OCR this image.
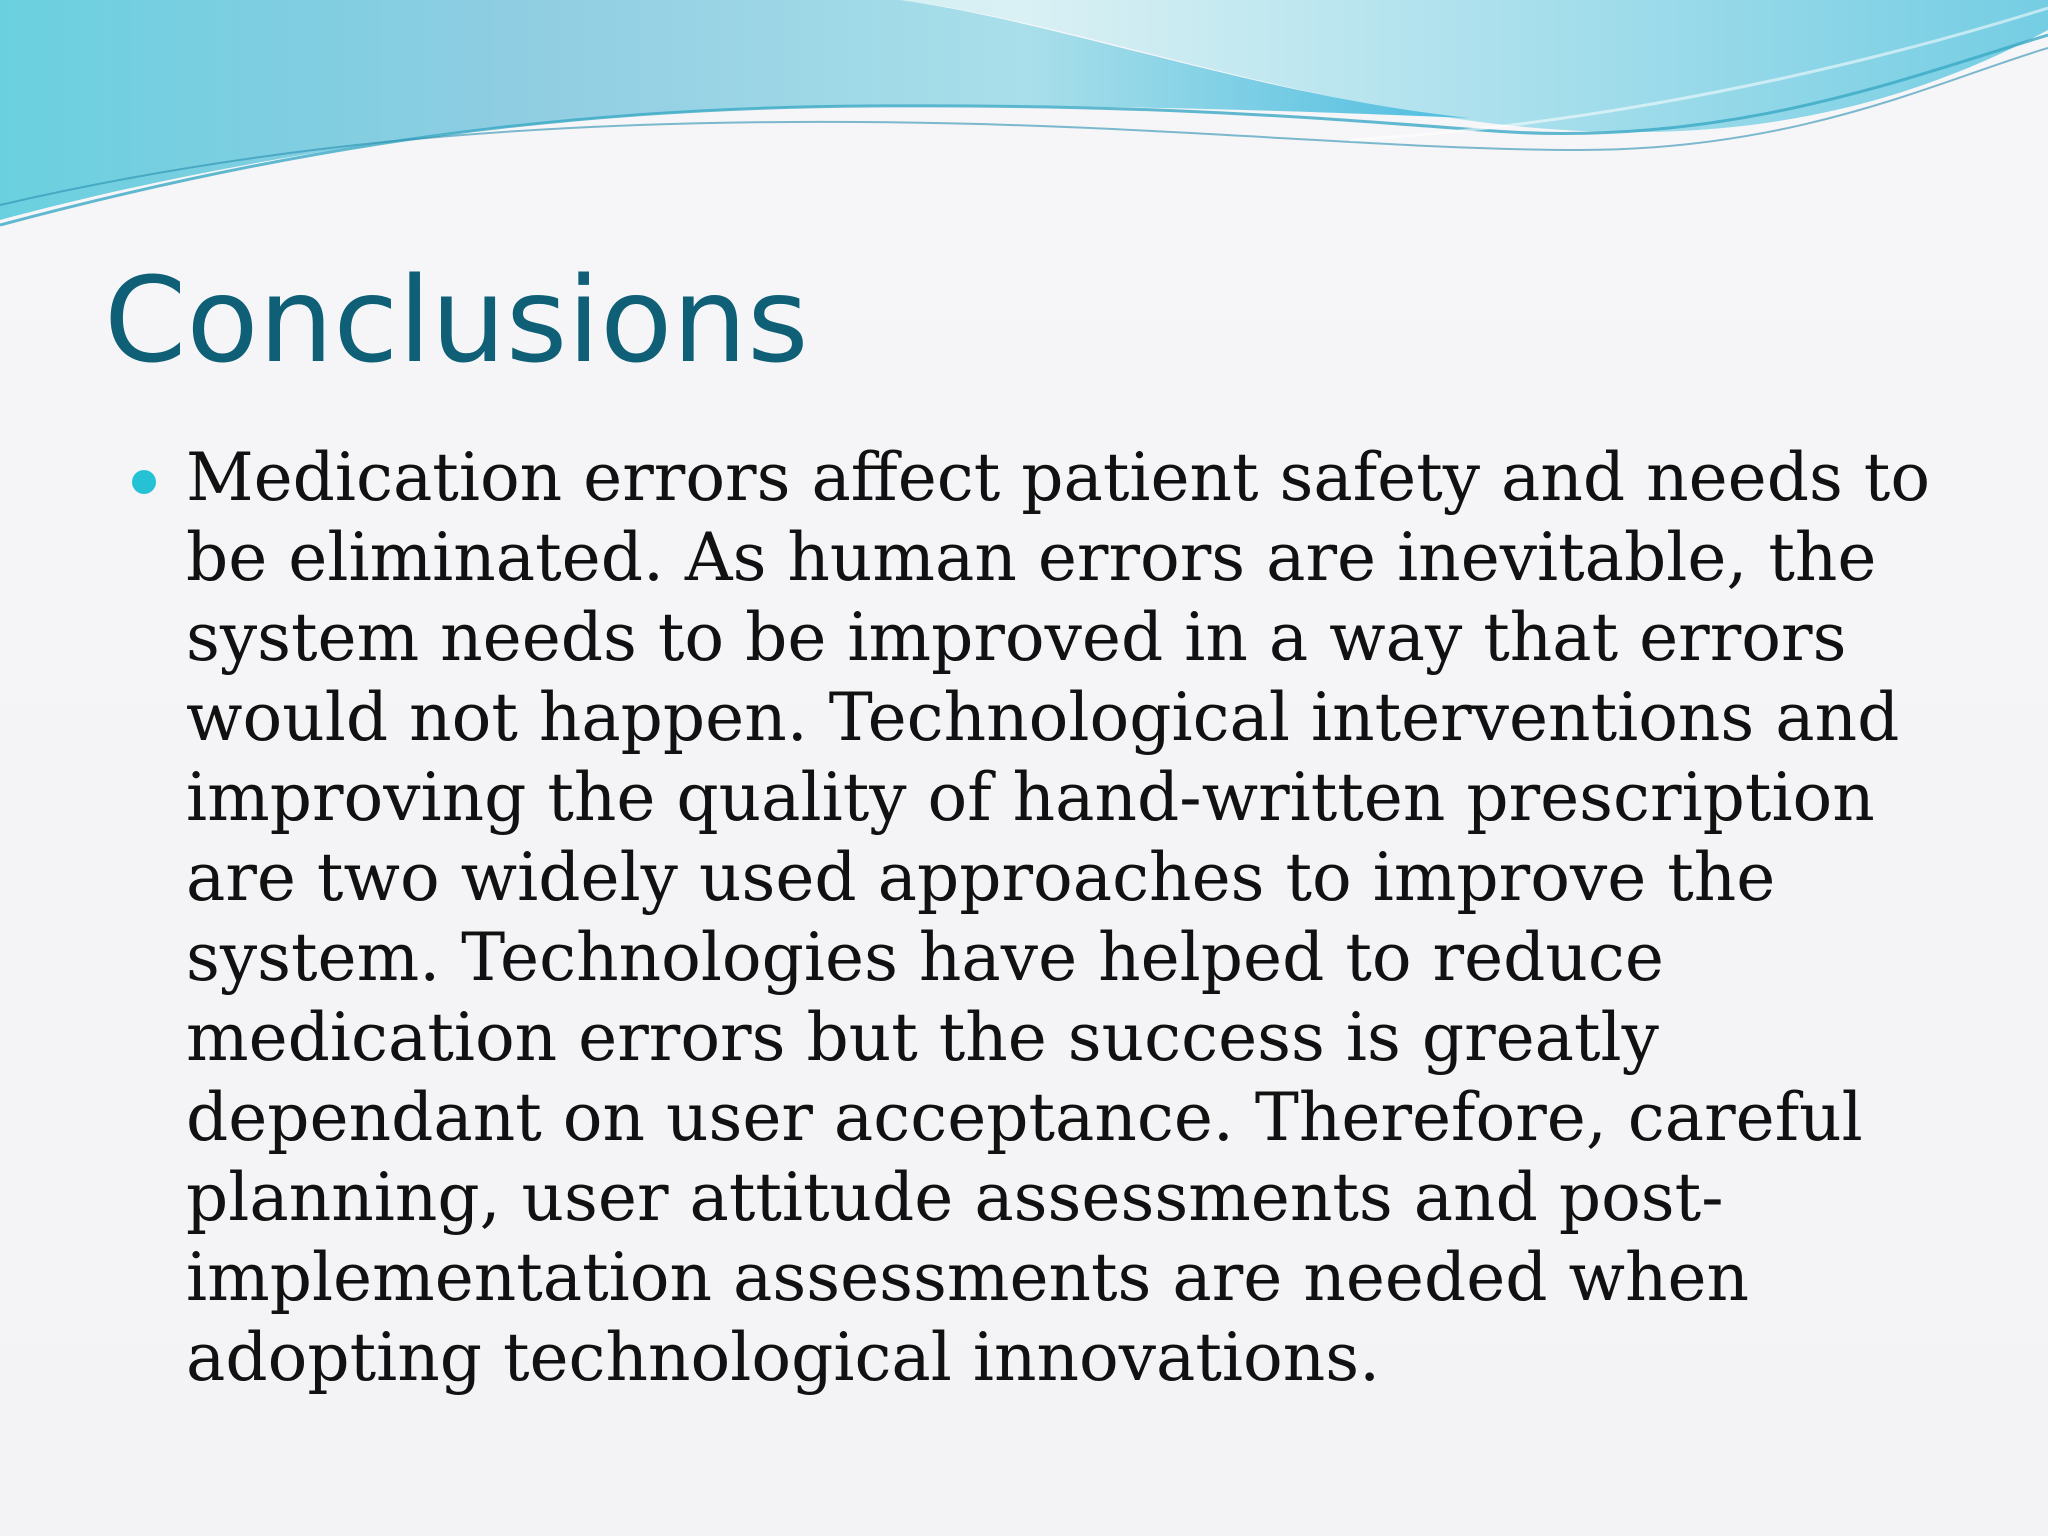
Conclusions

Medication errors affect patient safety and needs to be eliminated. As human errors are inevitable, the system needs to be improved in a way that errors would not happen. Technological interventions and improving the quality of hand-written prescription are two widely used approaches to improve the system. Technologies have helped to reduce medication errors but the success is greatly dependant on user acceptance. Therefore, careful planning, user attitude assessments and post-implementation assessments are needed when adopting technological innovations.
